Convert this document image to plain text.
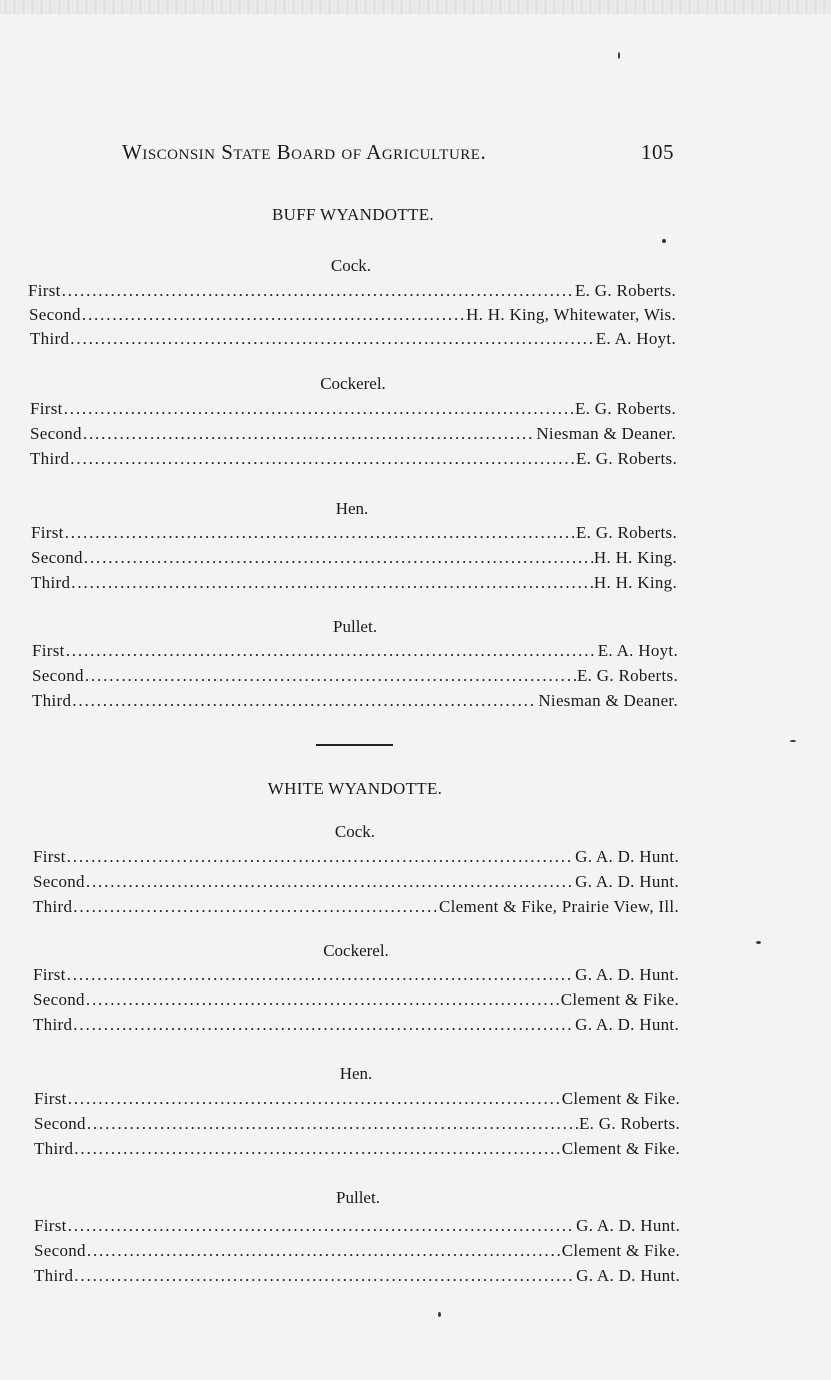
Wisconsin State Board of Agriculture.	105
BUFF WYANDOTTE.
Cock.
First . . .	E. G. Roberts.
Second . . .	H. H. King, Whitewater, Wis.
Third . . .	E. A. Hoyt.
Cockerel.
First . . .	E. G. Roberts.
Second . . .	Niesman & Deaner.
Third . . .	E. G. Roberts.
Hen.
First . . .	E. G. Roberts.
Second . . .	H. H. King.
Third . . .	H. H. King.
Pullet.
First . . .	E. A. Hoyt.
Second . . .	E. G. Roberts.
Third . . .	Niesman & Deaner.
WHITE WYANDOTTE.
Cock.
First . . .	G. A. D. Hunt.
Second . . .	G. A. D. Hunt.
Third . . .	Clement & Fike, Prairie View, Ill.
Cockerel.
First . . .	G. A. D. Hunt.
Second . . .	Clement & Fike.
Third . . .	G. A. D. Hunt.
Hen.
First . . .	Clement & Fike.
Second . . .	E. G. Roberts.
Third . . .	Clement & Fike.
Pullet.
First . . .	G. A. D. Hunt.
Second . . .	Clement & Fike.
Third . . .	G. A. D. Hunt.
